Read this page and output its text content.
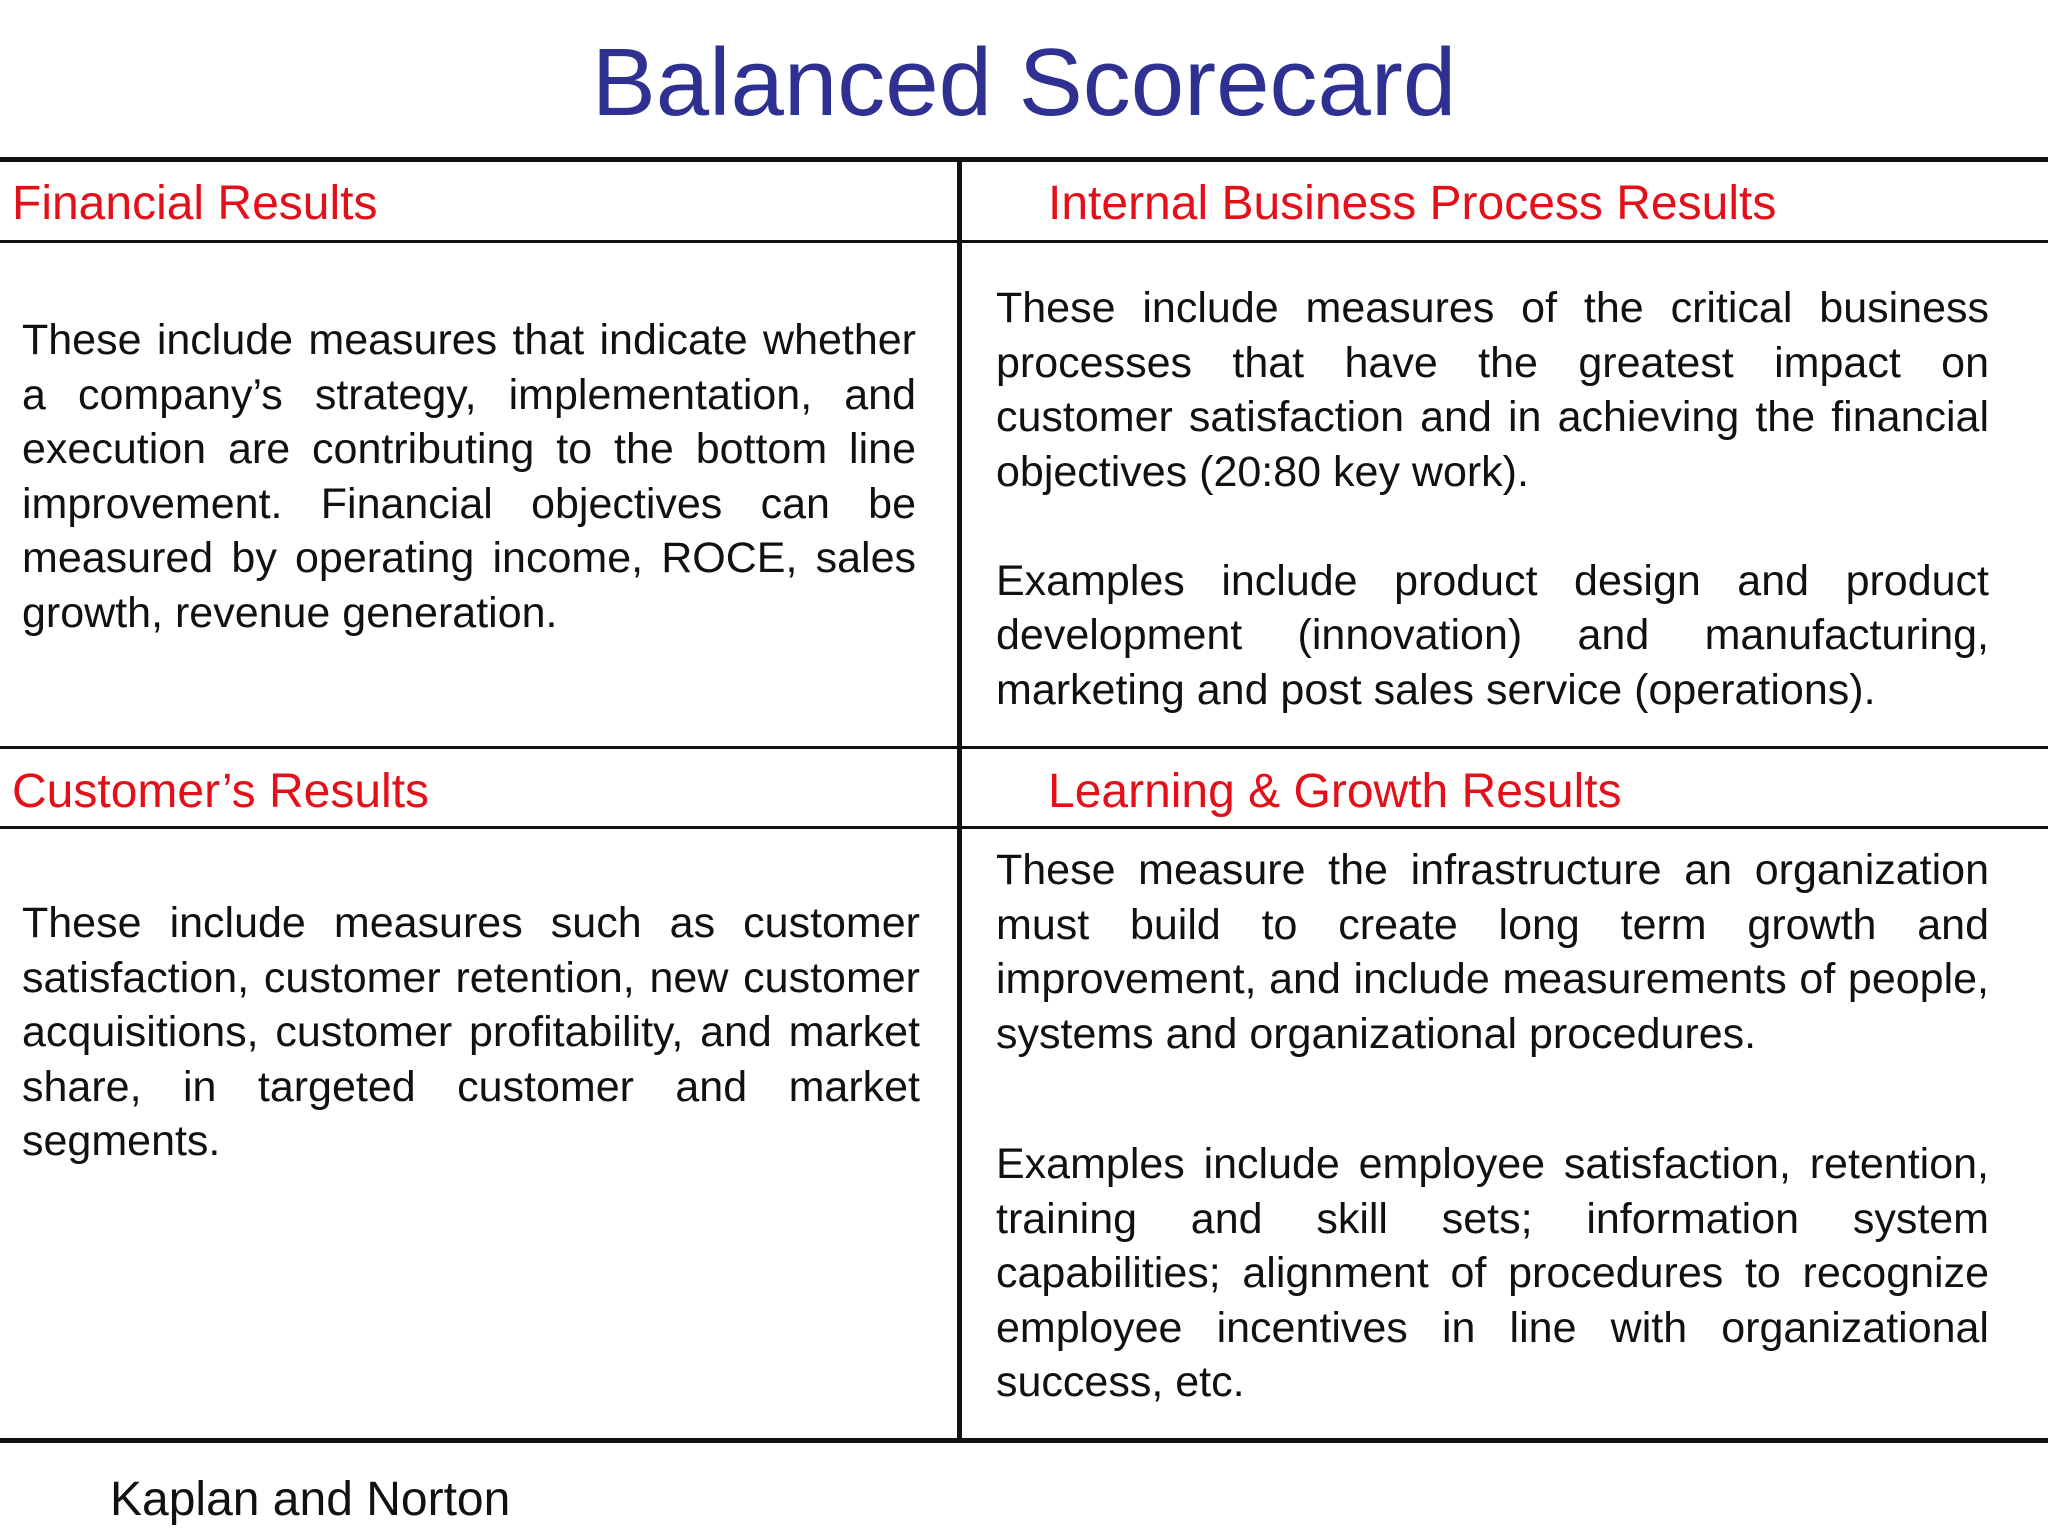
Balanced Scorecard
Financial Results

These include measures that indicate whether a company’s strategy, implementation, and execution are contributing to the bottom line improvement. Financial objectives can be measured by operating income, ROCE, sales growth, revenue generation.

Internal Business Process Results

These include measures of the critical business processes that have the greatest impact on customer satisfaction and in achieving the financial objectives (20:80 key work).

Examples include product design and product development (innovation) and manufacturing, marketing and post sales service (operations).

Customer’s Results

These include measures such as customer satisfaction, customer retention, new customer acquisitions, customer profitability, and market share, in targeted customer and market segments.

Learning & Growth Results

These measure the infrastructure an organization must build to create long term growth and improvement, and include measurements of people, systems and organizational procedures.

Examples include employee satisfaction, retention, training and skill sets; information system capabilities; alignment of procedures to recognize employee incentives in line with organizational success, etc.

Kaplan and Norton
